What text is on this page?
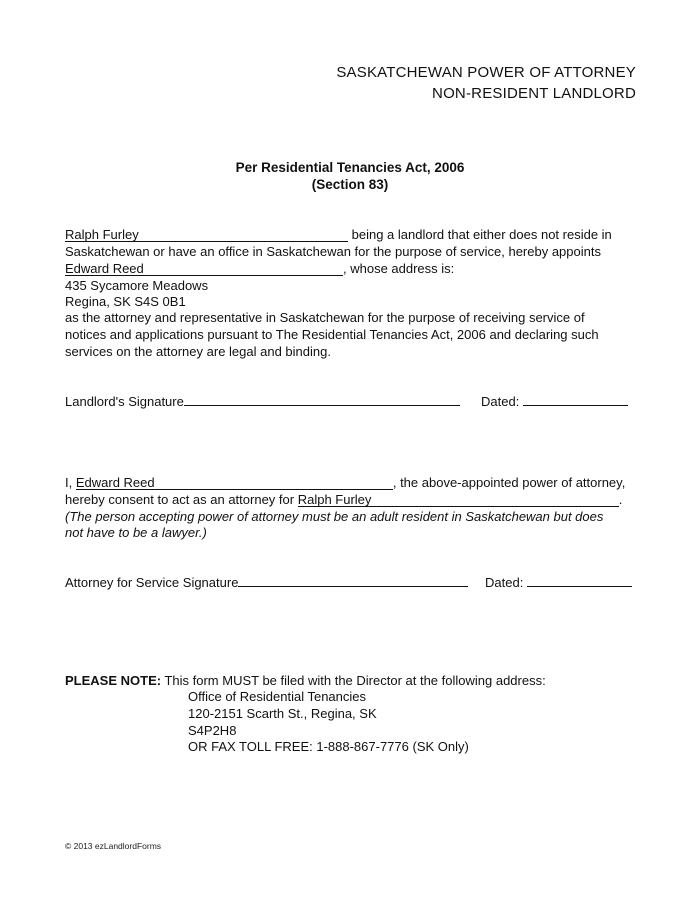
SASKATCHEWAN POWER OF ATTORNEY
NON-RESIDENT LANDLORD
Per Residential Tenancies Act, 2006
(Section 83)
Ralph Furley	being a landlord that either does not reside in
Saskatchewan or have an office in Saskatchewan for the purpose of service, hereby appoints
Edward Reed	, whose address is:
435 Sycamore Meadows
Regina, SK S4S 0B1
as the attorney and representative in Saskatchewan for the purpose of receiving service of
notices and applications pursuant to The Residential Tenancies Act, 2006 and declaring such
services on the attorney are legal and binding.
Landlord's Signature	Dated:
I, Edward Reed	, the above-appointed power of attorney,
hereby consent to act as an attorney for Ralph Furley	.
(The person accepting power of attorney must be an adult resident in Saskatchewan but does
not have to be a lawyer.)
Attorney for Service Signature	Dated:
PLEASE NOTE: This form MUST be filed with the Director at the following address:
Office of Residential Tenancies
120-2151 Scarth St., Regina, SK
S4P2H8
OR FAX TOLL FREE: 1-888-867-7776 (SK Only)
© 2013 ezLandlordForms
